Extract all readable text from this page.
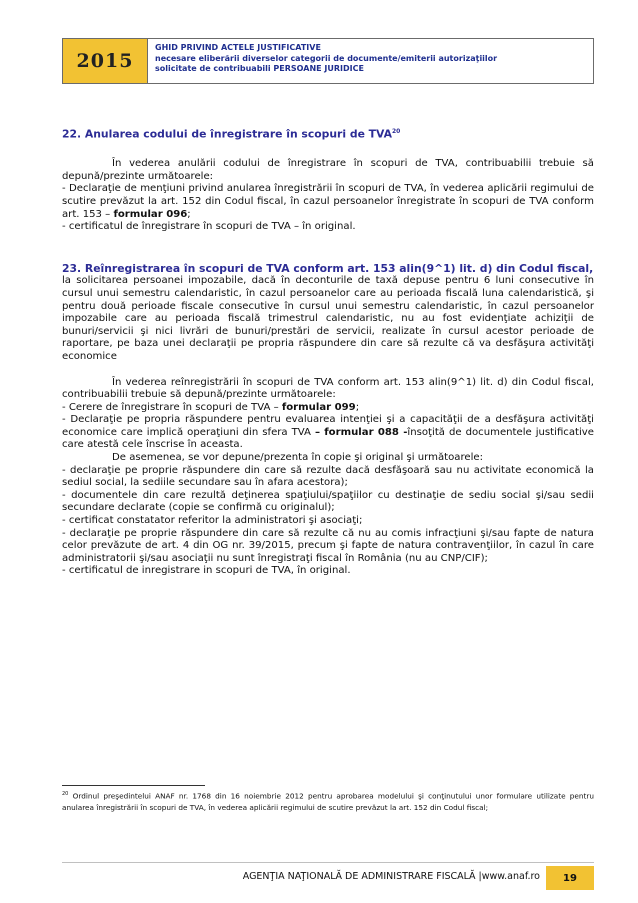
2015
GHID PRIVIND ACTELE JUSTIFICATIVE
necesare eliberării diverselor categorii de documente/emiterii autorizaţiilor
solicitate de contribuabili PERSOANE JURIDICE

22. Anularea codului de înregistrare în scopuri de TVA$^{20}$

În vederea anulării codului de înregistrare în scopuri de TVA, contribuabilii trebuie să depună/prezinte următoarele:

- Declaraţie de menţiuni privind anularea înregistrării în scopuri de TVA, în vederea aplicării regimului de scutire prevăzut la art. 152 din Codul fiscal, în cazul persoanelor înregistrate în scopuri de TVA conform art. 153 – formular 096;

- certificatul de înregistrare în scopuri de TVA – în original.

23. Reînregistrarea în scopuri de TVA conform art. 153 alin(9^1) lit. d) din Codul fiscal,

la solicitarea persoanei impozabile, dacă în deconturile de taxă depuse pentru 6 luni consecutive în cursul unui semestru calendaristic, în cazul persoanelor care au perioada fiscală luna calendaristică, şi pentru două perioade fiscale consecutive în cursul unui semestru calendaristic, în cazul persoanelor impozabile care au perioada fiscală trimestrul calendaristic, nu au fost evidenţiate achiziţii de bunuri/servicii şi nici livrări de bunuri/prestări de servicii, realizate în cursul acestor perioade de raportare, pe baza unei declaraţii pe propria răspundere din care să rezulte că va desfăşura activităţi economice

În vederea reînregistrării în scopuri de TVA conform art. 153 alin(9^1) lit. d) din Codul fiscal, contribuabilii trebuie să depună/prezinte următoarele:

- Cerere de înregistrare în scopuri de TVA – formular 099;

- Declaraţie pe propria răspundere pentru evaluarea intenţiei şi a capacităţii de a desfăşura activităţi economice care implică operaţiuni din sfera TVA – formular 088 -însoţită de documentele justificative care atestă cele înscrise în aceasta.

De asemenea, se vor depune/prezenta în copie şi original şi următoarele:

- declaraţie pe proprie răspundere din care să rezulte dacă desfăşoară sau nu activitate economică la sediul social, la sediile secundare sau în afara acestora);

- documentele din care rezultă deţinerea spaţiului/spaţiilor cu destinaţie de sediu social şi/sau sedii secundare declarate (copie se confirmă cu originalul);

- certificat constatator referitor la administratori şi asociaţi;

- declaraţie pe proprie răspundere din care să rezulte că nu au comis infracţiuni şi/sau fapte de natura celor prevăzute de art. 4 din OG nr. 39/2015, precum şi fapte de natura contravenţiilor, în cazul în care administratorii şi/sau asociaţii nu sunt înregistraţi fiscal în România (nu au CNP/CIF);

- certificatul de inregistrare in scopuri de TVA, în original.

$^{20}$ Ordinul preşedintelui ANAF nr. 1768 din 16 noiembrie 2012 pentru aprobarea modelului şi conţinutului unor formulare utilizate pentru anularea înregistrării în scopuri de TVA, în vederea aplicării regimului de scutire prevăzut la art. 152 din Codul fiscal;
AGENŢIA NAŢIONALĂ DE ADMINISTRARE FISCALĂ |www.anaf.ro	19
